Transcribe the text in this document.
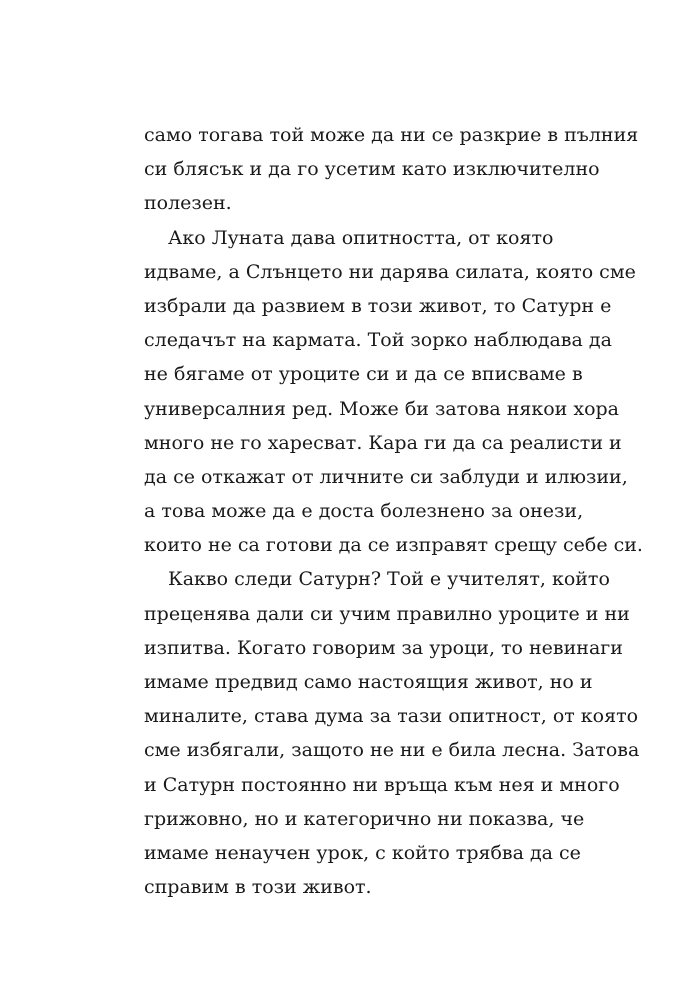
само тогава той може да ни се разкрие в пълния
си блясък и да го усетим като изключително
полезен.
Ако Луната дава опитността, от която
идваме, а Слънцето ни дарява силата, която сме
избрали да развием в този живот, то Сатурн е
следачът на кармата. Той зорко наблюдава да
не бягаме от уроците си и да се вписваме в
универсалния ред. Може би затова някои хора
много не го харесват. Кара ги да са реалисти и
да се откажат от личните си заблуди и илюзии,
а това може да е доста болезнено за онези,
които не са готови да се изправят срещу себе си.
Какво следи Сатурн? Той е учителят, който
преценява дали си учим правилно уроците и ни
изпитва. Когато говорим за уроци, то невинаги
имаме предвид само настоящия живот, но и
миналите, става дума за тази опитност, от която
сме избягали, защото не ни е била лесна. Затова
и Сатурн постоянно ни връща към нея и много
грижовно, но и категорично ни показва, че
имаме ненаучен урок, с който трябва да се
справим в този живот.
